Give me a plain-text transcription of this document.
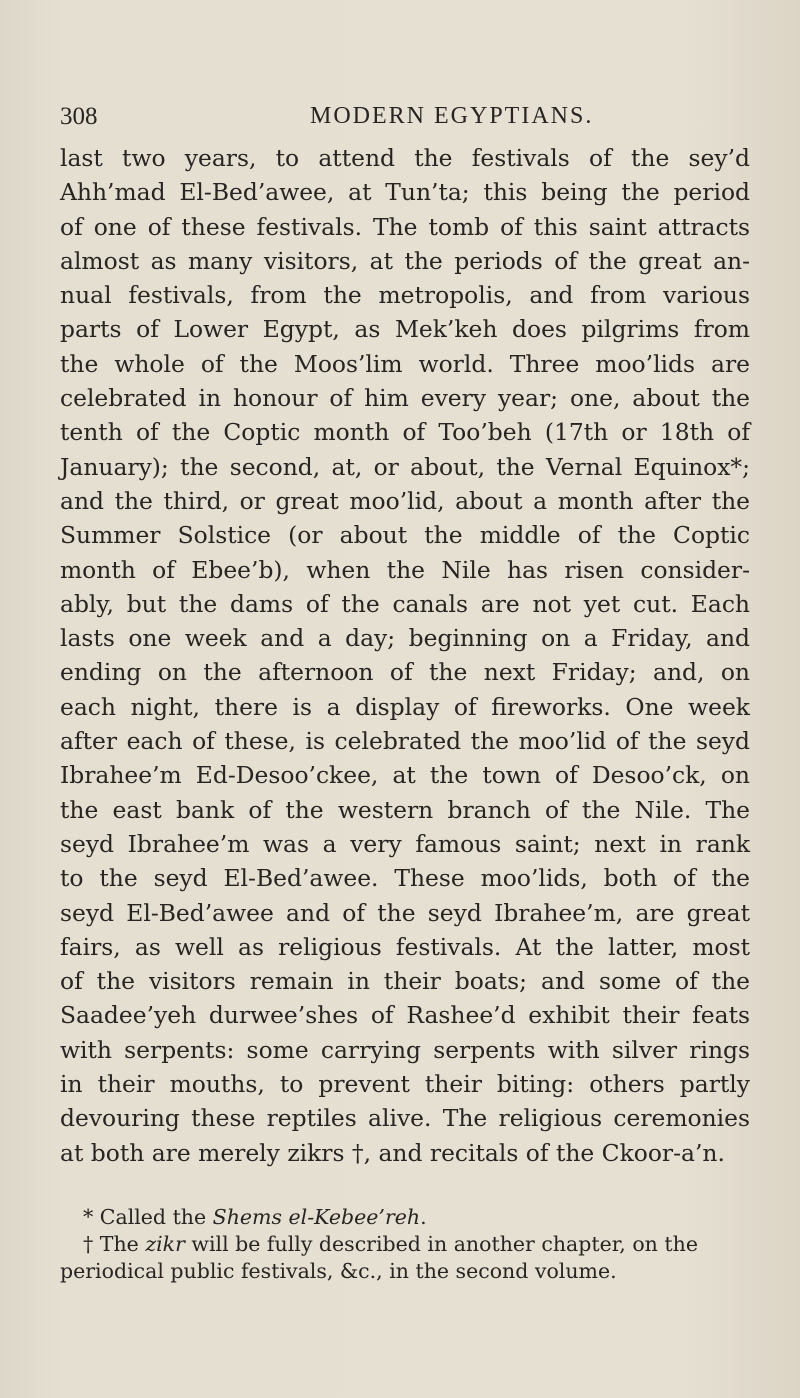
308	MODERN EGYPTIANS.
last two years, to attend the festivals of the sey’d
Ahh’mad El-Bed’awee, at Tun’ta; this being the period
of one of these festivals. The tomb of this saint attracts
almost as many visitors, at the periods of the great an-
nual festivals, from the metropolis, and from various
parts of Lower Egypt, as Mek’keh does pilgrims from
the whole of the Moos’lim world. Three moo’lids are
celebrated in honour of him every year; one, about the
tenth of the Coptic month of Too’beh (17th or 18th of
January); the second, at, or about, the Vernal Equinox*;
and the third, or great moo’lid, about a month after the
Summer Solstice (or about the middle of the Coptic
month of Ebee’b), when the Nile has risen consider-
ably, but the dams of the canals are not yet cut. Each
lasts one week and a day; beginning on a Friday, and
ending on the afternoon of the next Friday; and, on
each night, there is a display of fireworks. One week
after each of these, is celebrated the moo’lid of the seyd
Ibrahee’m Ed-Desoo’ckee, at the town of Desoo’ck, on
the east bank of the western branch of the Nile. The
seyd Ibrahee’m was a very famous saint; next in rank
to the seyd El-Bed’awee. These moo’lids, both of the
seyd El-Bed’awee and of the seyd Ibrahee’m, are great
fairs, as well as religious festivals. At the latter, most
of the visitors remain in their boats; and some of the
Saadee’yeh durwee’shes of Rashee’d exhibit their feats
with serpents: some carrying serpents with silver rings
in their mouths, to prevent their biting: others partly
devouring these reptiles alive. The religious ceremonies
at both are merely zikrs †, and recitals of the Ckoor-a’n.
* Called the Shems el-Kebee’reh.
† The zikr will be fully described in another chapter, on the
periodical public festivals, &c., in the second volume.
